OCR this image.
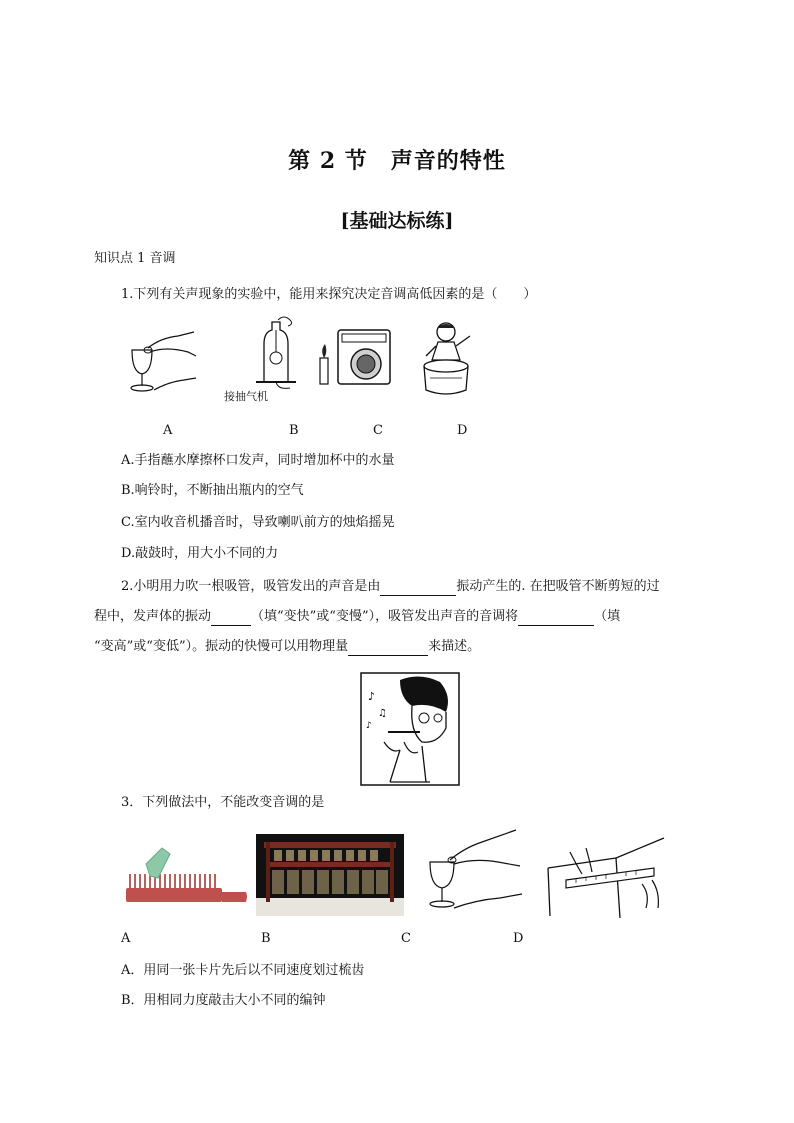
第 2 节　声音的特性
[基础达标练]
知识点 1 音调
1.下列有关声现象的实验中，能用来探究决定音调高低因素的是（　　）
接抽气机
A	B	C	D
A.手指蘸水摩擦杯口发声，同时增加杯中的水量
B.响铃时，不断抽出瓶内的空气
C.室内收音机播音时，导致喇叭前方的烛焰摇晃
D.敲鼓时，用大小不同的力
2.小明用力吹一根吸管，吸管发出的声音是由	振动产生的. 在把吸管不断剪短的过
程中，发声体的振动	（填“变快”或“变慢”），吸管发出声音的音调将	（填
“变高”或“变低”）。振动的快慢可以用物理量	来描述。
♪
♫
♪
3．下列做法中，不能改变音调的是
A	B	C	D
A．用同一张卡片先后以不同速度划过梳齿
B．用相同力度敲击大小不同的编钟
